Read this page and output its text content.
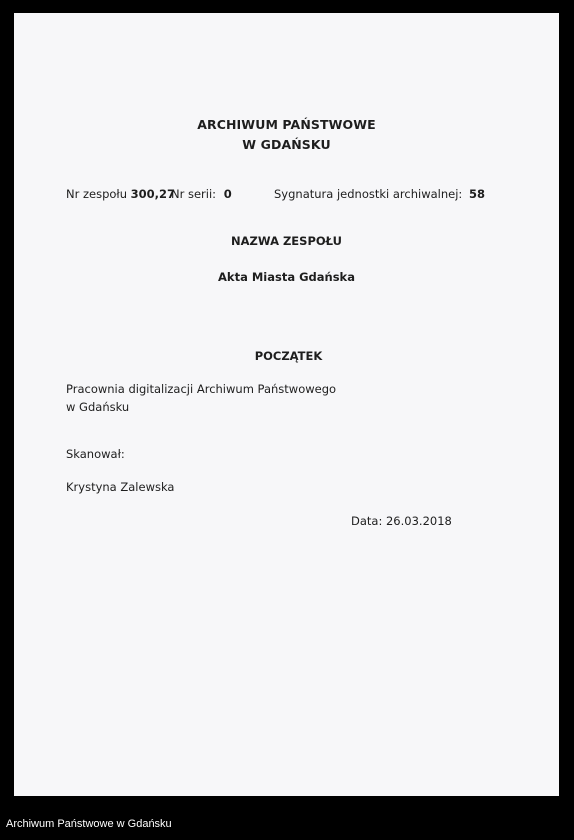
ARCHIWUM PAŃSTWOWE
W GDAŃSKU
Nr zespołu 300,27
Nr serii: 0	Sygnatura jednostki archiwalnej: 58
NAZWA ZESPOŁU
Akta Miasta Gdańska
POCZĄTEK
Pracownia digitalizacji Archiwum Państwowego
w Gdańsku
Skanował:
Krystyna Zalewska
Data: 26.03.2018
Archiwum Państwowe w Gdańsku
